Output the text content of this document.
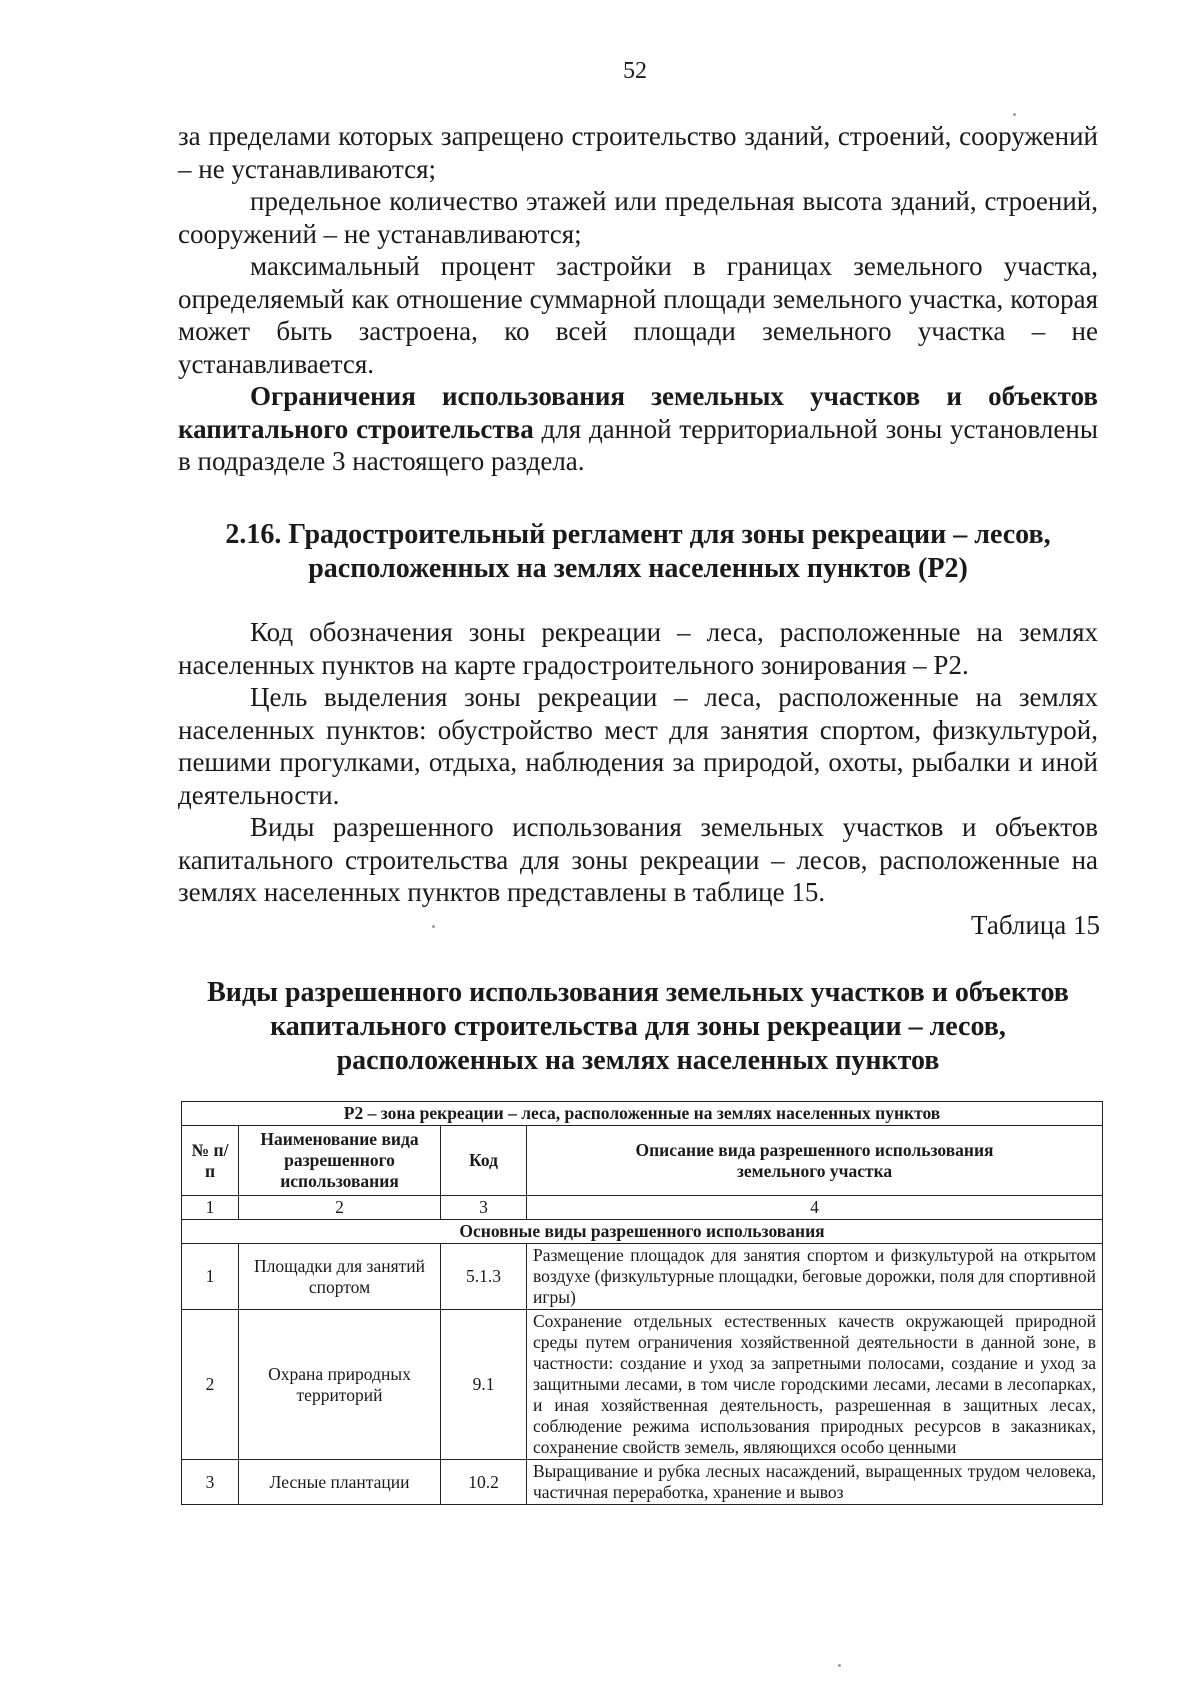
52

за пределами которых запрещено строительство зданий, строений, сооружений – не устанавливаются;

предельное количество этажей или предельная высота зданий, строений, сооружений – не устанавливаются;

максимальный процент застройки в границах земельного участка, определяемый как отношение суммарной площади земельного участка, которая может быть застроена, ко всей площади земельного участка – не устанавливается.

Ограничения использования земельных участков и объектов капитального строительства для данной территориальной зоны установлены в подразделе 3 настоящего раздела.

2.16. Градостроительный регламент для зоны рекреации – лесов,
расположенных на землях населенных пунктов (Р2)

Код обозначения зоны рекреации – леса, расположенные на землях населенных пунктов на карте градостроительного зонирования – Р2.

Цель выделения зоны рекреации – леса, расположенные на землях населенных пунктов: обустройство мест для занятия спортом, физкультурой, пешими прогулками, отдыха, наблюдения за природой, охоты, рыбалки и иной деятельности.

Виды разрешенного использования земельных участков и объектов капитального строительства для зоны рекреации – лесов, расположенные на землях населенных пунктов представлены в таблице 15.

Таблица 15
Виды разрешенного использования земельных участков и объектов
капитального строительства для зоны рекреации – лесов,
расположенных на землях населенных пунктов
Р2 – зона рекреации – леса, расположенные на землях населенных пунктов			
№ п/п	Наименование вида разрешенного использования	Код	Описание вида разрешенного использования земельного участка
1	2	3	4
Основные виды разрешенного использования			
1	Площадки для занятий спортом	5.1.3	Размещение площадок для занятия спортом и физкультурой на открытом воздухе (физкультурные площадки, беговые дорожки, поля для спортивной игры)
2	Охрана природных территорий	9.1	Сохранение отдельных естественных качеств окружающей природной среды путем ограничения хозяйственной деятельности в данной зоне, в частности: создание и уход за запретными полосами, создание и уход за защитными лесами, в том числе городскими лесами, лесами в лесопарках, и иная хозяйственная деятельность, разрешенная в защитных лесах, соблюдение режима использования природных ресурсов в заказниках, сохранение свойств земель, являющихся особо ценными
3	Лесные плантации	10.2	Выращивание и рубка лесных насаждений, выращенных трудом человека, частичная переработка, хранение и вывоз
